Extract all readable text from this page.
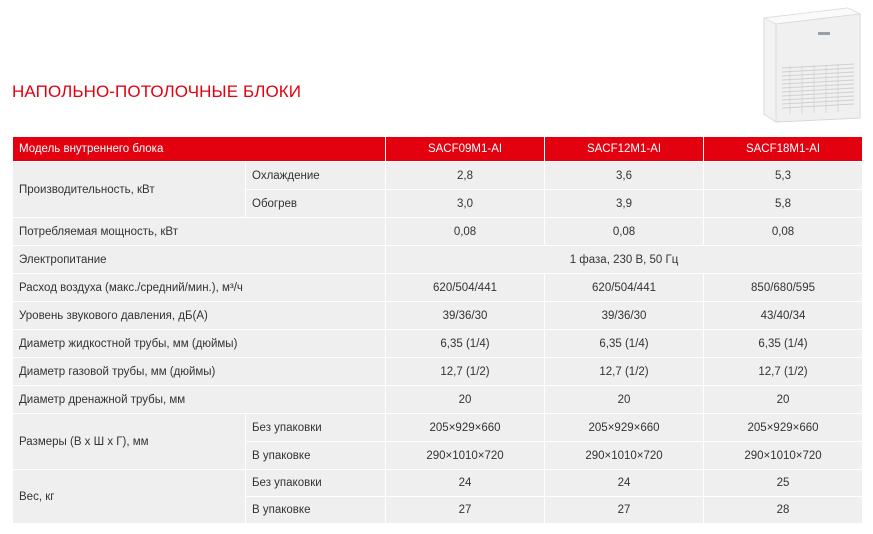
НАПОЛЬНО-ПОТОЛОЧНЫЕ БЛОКИ
Модель внутреннего блока		SACF09M1-AI	SACF12M1-AI	SACF18M1-AI
Производительность, кВт	Охлаждение	2,8	3,6	5,3
	Обогрев	3,0	3,9	5,8
Потребляемая мощность, кВт		0,08	0,08	0,08
Электропитание		1 фаза, 230 В, 50 Гц		
Расход воздуха (макс./средний/мин.), м³/ч		620/504/441	620/504/441	850/680/595
Уровень звукового давления, дБ(А)		39/36/30	39/36/30	43/40/34
Диаметр жидкостной трубы, мм (дюймы)		6,35 (1/4)	6,35 (1/4)	6,35 (1/4)
Диаметр газовой трубы, мм (дюймы)		12,7 (1/2)	12,7 (1/2)	12,7 (1/2)
Диаметр дренажной трубы, мм		20	20	20
Размеры (В х Ш х Г), мм	Без упаковки	205×929×660	205×929×660	205×929×660
	В упаковке	290×1010×720	290×1010×720	290×1010×720
Вес, кг	Без упаковки	24	24	25
	В упаковке	27	27	28
